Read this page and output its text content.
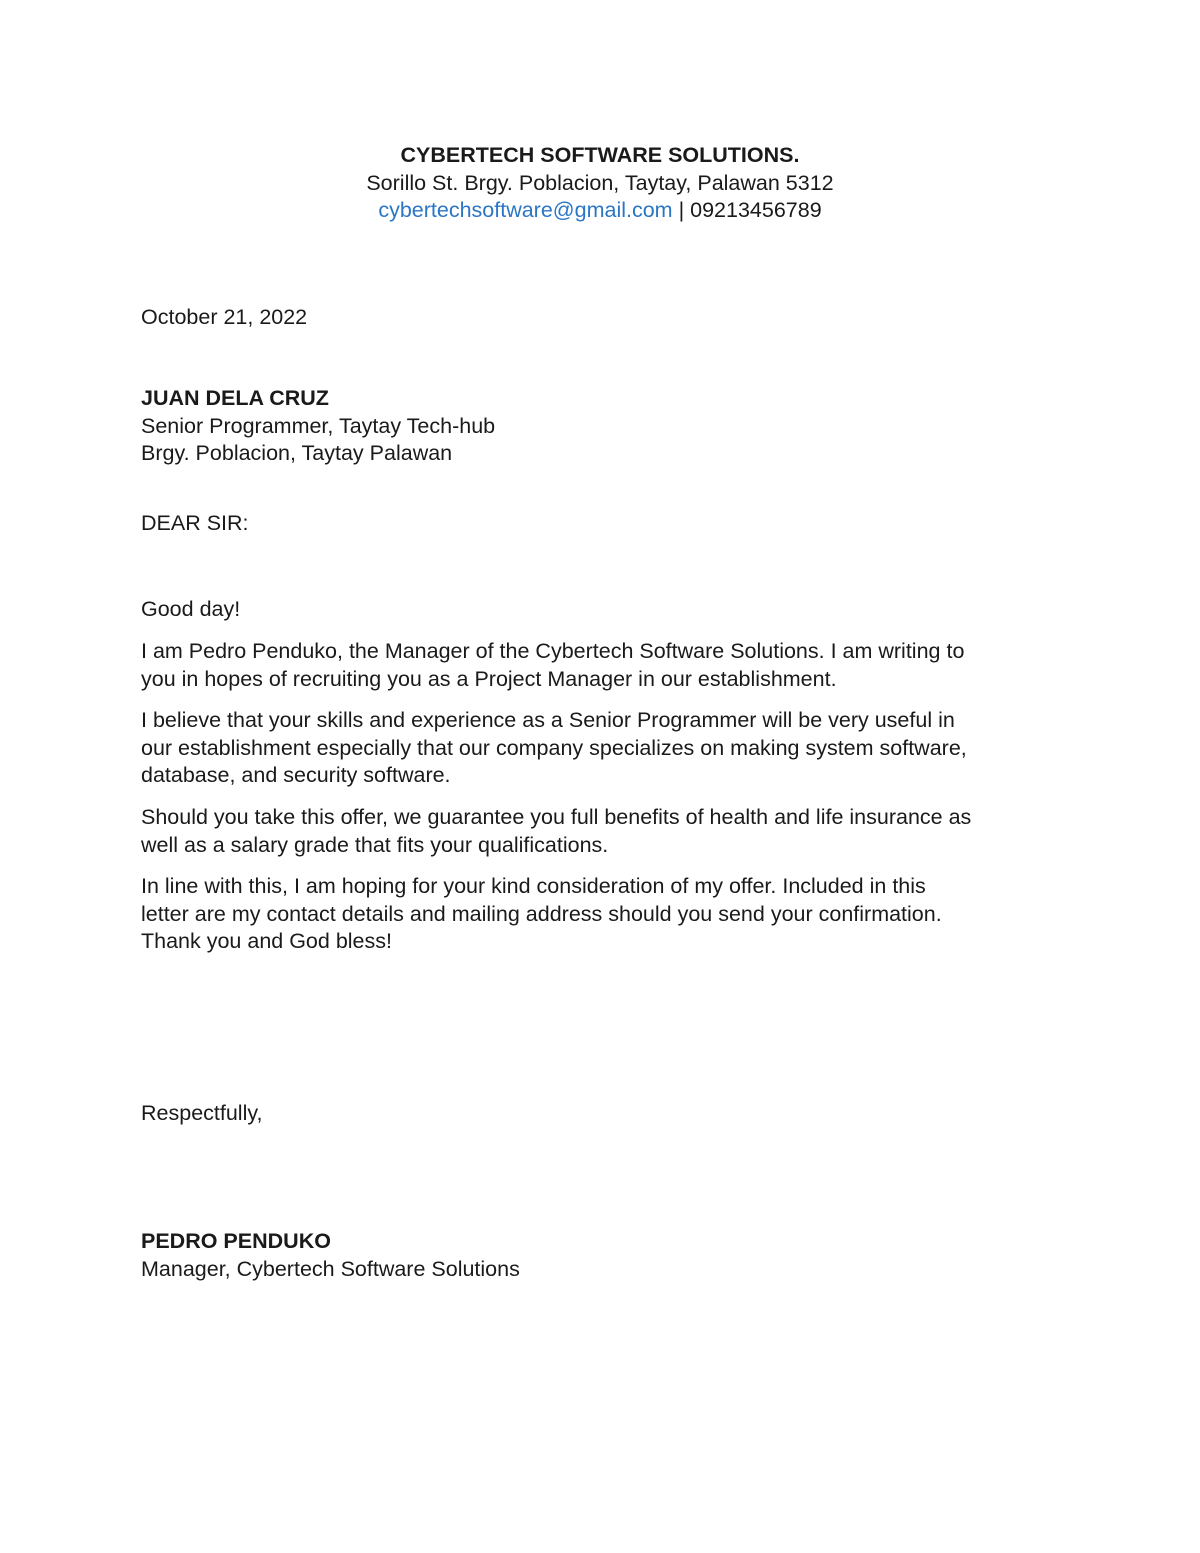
CYBERTECH SOFTWARE SOLUTIONS.
Sorillo St. Brgy. Poblacion, Taytay, Palawan 5312
cybertechsoftware@gmail.com | 09213456789
October 21, 2022
JUAN DELA CRUZ
Senior Programmer, Taytay Tech-hub
Brgy. Poblacion, Taytay Palawan
DEAR SIR:
Good day!
I am Pedro Penduko, the Manager of the Cybertech Software Solutions. I am writing to
you in hopes of recruiting you as a Project Manager in our establishment.
I believe that your skills and experience as a Senior Programmer will be very useful in
our establishment especially that our company specializes on making system software,
database, and security software.
Should you take this offer, we guarantee you full benefits of health and life insurance as
well as a salary grade that fits your qualifications.
In line with this, I am hoping for your kind consideration of my offer. Included in this
letter are my contact details and mailing address should you send your confirmation.
Thank you and God bless!
Respectfully,
PEDRO PENDUKO
Manager, Cybertech Software Solutions
